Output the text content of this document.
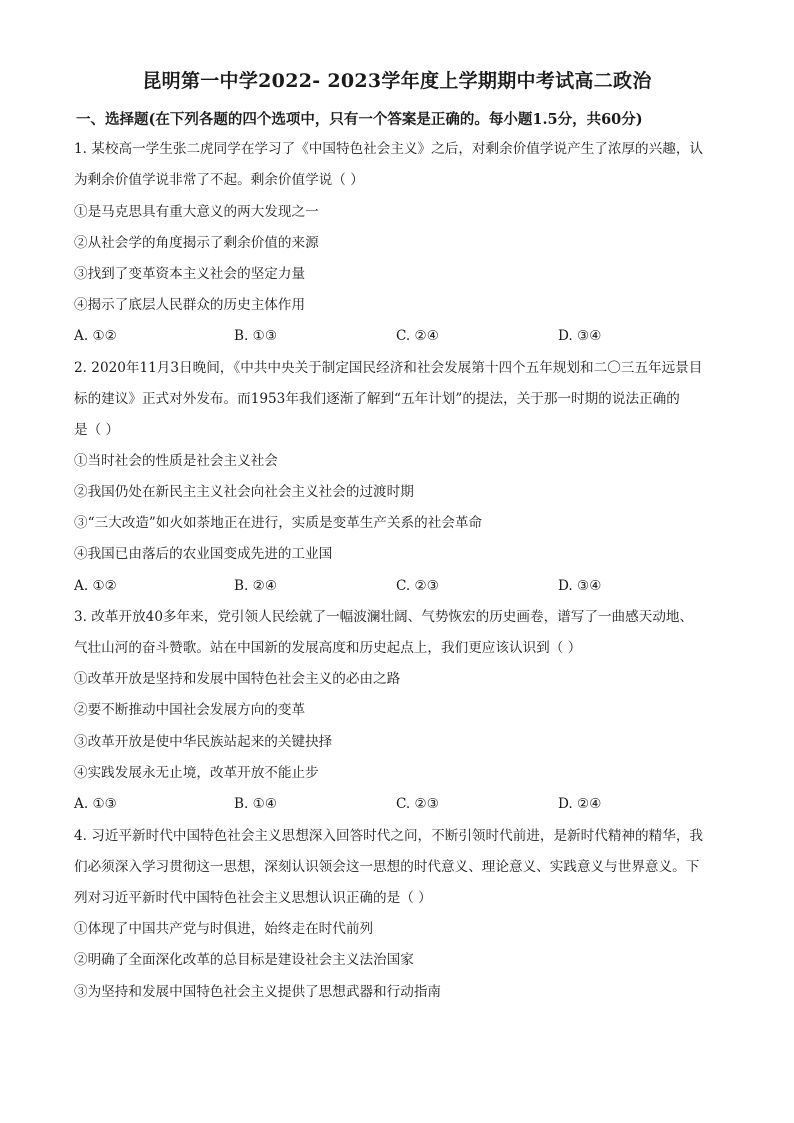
昆明第一中学2022- 2023学年度上学期期中考试高二政治
一、选择题(在下列各题的四个选项中，只有一个答案是正确的。每小题1.5分，共60分)
1. 某校高一学生张二虎同学在学习了《中国特色社会主义》之后，对剩余价值学说产生了浓厚的兴趣，认
为剩余价值学说非常了不起。剩余价值学说（ ）
①是马克思具有重大意义的两大发现之一
②从社会学的角度揭示了剩余价值的来源
③找到了变革资本主义社会的坚定力量
④揭示了底层人民群众的历史主体作用
A. ①②	B. ①③	C. ②④	D. ③④
2. 2020年11月3日晚间，《中共中央关于制定国民经济和社会发展第十四个五年规划和二〇三五年远景目
标的建议》正式对外发布。而1953年我们逐渐了解到“五年计划”的提法，关于那一时期的说法正确的
是（ ）
①当时社会的性质是社会主义社会
②我国仍处在新民主主义社会向社会主义社会的过渡时期
③“三大改造”如火如荼地正在进行，实质是变革生产关系的社会革命
④我国已由落后的农业国变成先进的工业国
A. ①②	B. ②④	C. ②③	D. ③④
3. 改革开放40多年来，党引领人民绘就了一幅波澜壮阔、气势恢宏的历史画卷，谱写了一曲感天动地、
气壮山河的奋斗赞歌。站在中国新的发展高度和历史起点上，我们更应该认识到（ ）
①改革开放是坚持和发展中国特色社会主义的必由之路
②要不断推动中国社会发展方向的变革
③改革开放是使中华民族站起来的关键抉择
④实践发展永无止境，改革开放不能止步
A. ①③	B. ①④	C. ②③	D. ②④
4. 习近平新时代中国特色社会主义思想深入回答时代之问，不断引领时代前进，是新时代精神的精华，我
们必须深入学习贯彻这一思想，深刻认识领会这一思想的时代意义、理论意义、实践意义与世界意义。下
列对习近平新时代中国特色社会主义思想认识正确的是（ ）
①体现了中国共产党与时俱进，始终走在时代前列
②明确了全面深化改革的总目标是建设社会主义法治国家
③为坚持和发展中国特色社会主义提供了思想武器和行动指南
